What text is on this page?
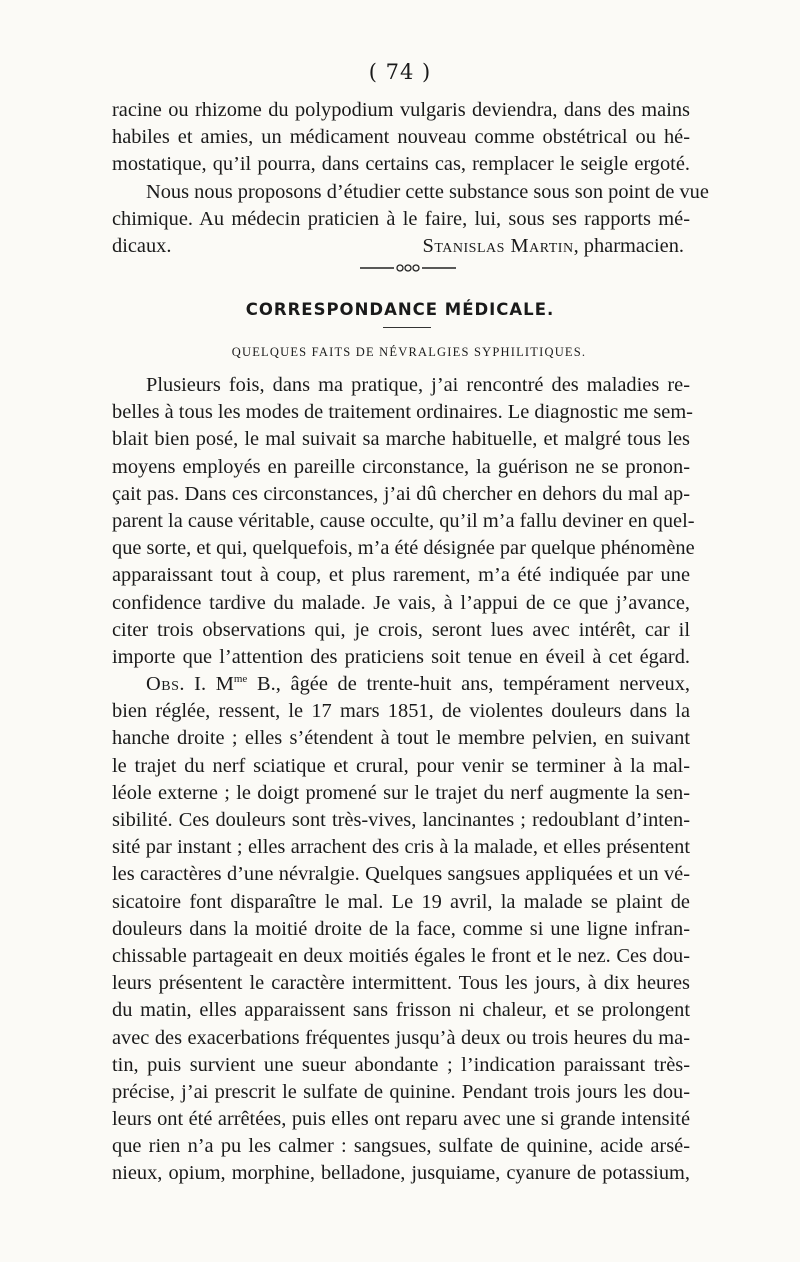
( 74 )
racine ou rhizome du polypodium vulgaris deviendra, dans des mains
habiles et amies, un médicament nouveau comme obstétrical ou hé-
mostatique, qu’il pourra, dans certains cas, remplacer le seigle ergoté.
Nous nous proposons d’étudier cette substance sous son point de vue
chimique. Au médecin praticien à le faire, lui, sous ses rapports mé-
dicaux.	Stanislas Martin, pharmacien.
CORRESPONDANCE MÉDICALE.
QUELQUES FAITS DE NÉVRALGIES SYPHILITIQUES.
Plusieurs fois, dans ma pratique, j’ai rencontré des maladies re-
belles à tous les modes de traitement ordinaires. Le diagnostic me sem-
blait bien posé, le mal suivait sa marche habituelle, et malgré tous les
moyens employés en pareille circonstance, la guérison ne se pronon-
çait pas. Dans ces circonstances, j’ai dû chercher en dehors du mal ap-
parent la cause véritable, cause occulte, qu’il m’a fallu deviner en quel-
que sorte, et qui, quelquefois, m’a été désignée par quelque phénomène
apparaissant tout à coup, et plus rarement, m’a été indiquée par une
confidence tardive du malade. Je vais, à l’appui de ce que j’avance,
citer trois observations qui, je crois, seront lues avec intérêt, car il
importe que l’attention des praticiens soit tenue en éveil à cet égard.
Obs. I. $M^{me}$ B., âgée de trente-huit ans, tempérament nerveux,
bien réglée, ressent, le 17 mars 1851, de violentes douleurs dans la
hanche droite ; elles s’étendent à tout le membre pelvien, en suivant
le trajet du nerf sciatique et crural, pour venir se terminer à la mal-
léole externe ; le doigt promené sur le trajet du nerf augmente la sen-
sibilité. Ces douleurs sont très-vives, lancinantes ; redoublant d’inten-
sité par instant ; elles arrachent des cris à la malade, et elles présentent
les caractères d’une névralgie. Quelques sangsues appliquées et un vé-
sicatoire font disparaître le mal. Le 19 avril, la malade se plaint de
douleurs dans la moitié droite de la face, comme si une ligne infran-
chissable partageait en deux moitiés égales le front et le nez. Ces dou-
leurs présentent le caractère intermittent. Tous les jours, à dix heures
du matin, elles apparaissent sans frisson ni chaleur, et se prolongent
avec des exacerbations fréquentes jusqu’à deux ou trois heures du ma-
tin, puis survient une sueur abondante ; l’indication paraissant très-
précise, j’ai prescrit le sulfate de quinine. Pendant trois jours les dou-
leurs ont été arrêtées, puis elles ont reparu avec une si grande intensité
que rien n’a pu les calmer : sangsues, sulfate de quinine, acide arsé-
nieux, opium, morphine, belladone, jusquiame, cyanure de potassium,
